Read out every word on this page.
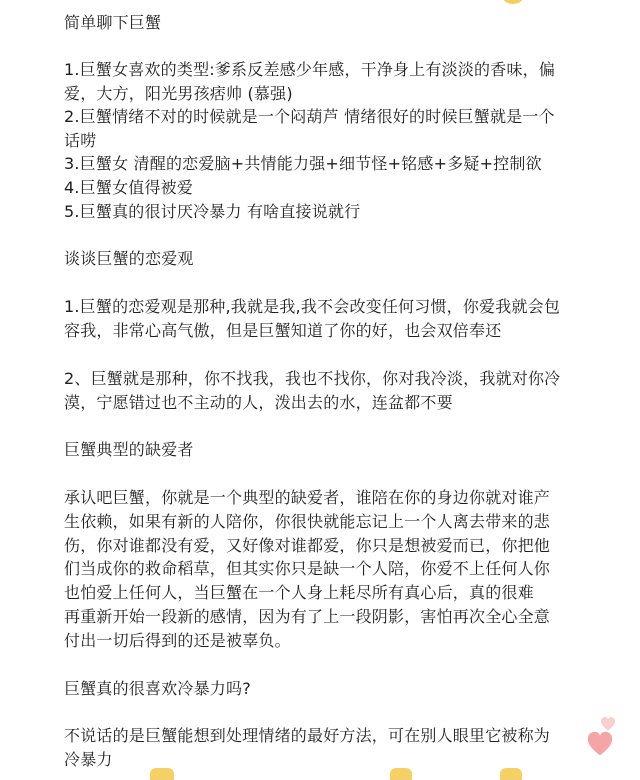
简单聊下巨蟹
1.巨蟹女喜欢的类型:爹系反差感少年感，干净身上有淡淡的香味，偏
爱，大方，阳光男孩痞帅 (慕强)
2.巨蟹情绪不对的时候就是一个闷葫芦 情绪很好的时候巨蟹就是一个
话唠
3.巨蟹女 清醒的恋爱脑+共情能力强+细节怪+铭感+多疑+控制欲
4.巨蟹女值得被爱
5.巨蟹真的很讨厌冷暴力 有啥直接说就行
谈谈巨蟹的恋爱观
1.巨蟹的恋爱观是那种,我就是我,我不会改变任何习惯，你爱我就会包
容我，非常心高气傲，但是巨蟹知道了你的好，也会双倍奉还
2、巨蟹就是那种，你不找我，我也不找你，你对我冷淡，我就对你冷
漠，宁愿错过也不主动的人，泼出去的水，连盆都不要
巨蟹典型的缺爱者
承认吧巨蟹，你就是一个典型的缺爱者，谁陪在你的身边你就对谁产
生依赖，如果有新的人陪你，你很快就能忘记上一个人离去带来的悲
伤，你对谁都没有爱，又好像对谁都爱，你只是想被爱而已，你把他
们当成你的救命稻草，但其实你只是缺一个人陪，你爱不上任何人你
也怕爱上任何人，当巨蟹在一个人身上耗尽所有真心后，真的很难
再重新开始一段新的感情，因为有了上一段阴影，害怕再次全心全意
付出一切后得到的还是被辜负。
巨蟹真的很喜欢冷暴力吗?
不说话的是巨蟹能想到处理情绪的最好方法，可在别人眼里它被称为
冷暴力
